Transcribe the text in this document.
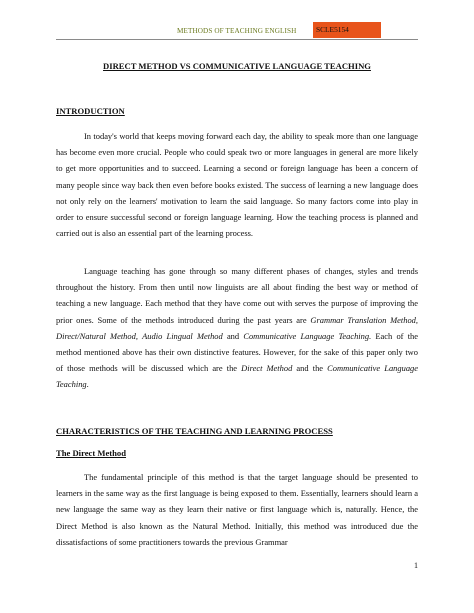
METHODS OF TEACHING ENGLISH	SCLE5154
DIRECT METHOD VS COMMUNICATIVE LANGUAGE TEACHING
INTRODUCTION

In today's world that keeps moving forward each day, the ability to speak more than one language has become even more crucial. People who could speak two or more languages in general are more likely to get more opportunities and to succeed. Learning a second or foreign language has been a concern of many people since way back then even before books existed. The success of learning a new language does not only rely on the learners' motivation to learn the said language. So many factors come into play in order to ensure successful second or foreign language learning. How the teaching process is planned and carried out is also an essential part of the learning process.

Language teaching has gone through so many different phases of changes, styles and trends throughout the history. From then until now linguists are all about finding the best way or method of teaching a new language. Each method that they have come out with serves the purpose of improving the prior ones. Some of the methods introduced during the past years are Grammar Translation Method, Direct/Natural Method, Audio Lingual Method and Communicative Language Teaching. Each of the method mentioned above has their own distinctive features. However, for the sake of this paper only two of those methods will be discussed which are the Direct Method and the Communicative Language Teaching.

CHARACTERISTICS OF THE TEACHING AND LEARNING PROCESS
The Direct Method

The fundamental principle of this method is that the target language should be presented to learners in the same way as the first language is being exposed to them. Essentially, learners should learn a new language the same way as they learn their native or first language which is, naturally. Hence, the Direct Method is also known as the Natural Method. Initially, this method was introduced due the dissatisfactions of some practitioners towards the previous Grammar

1
